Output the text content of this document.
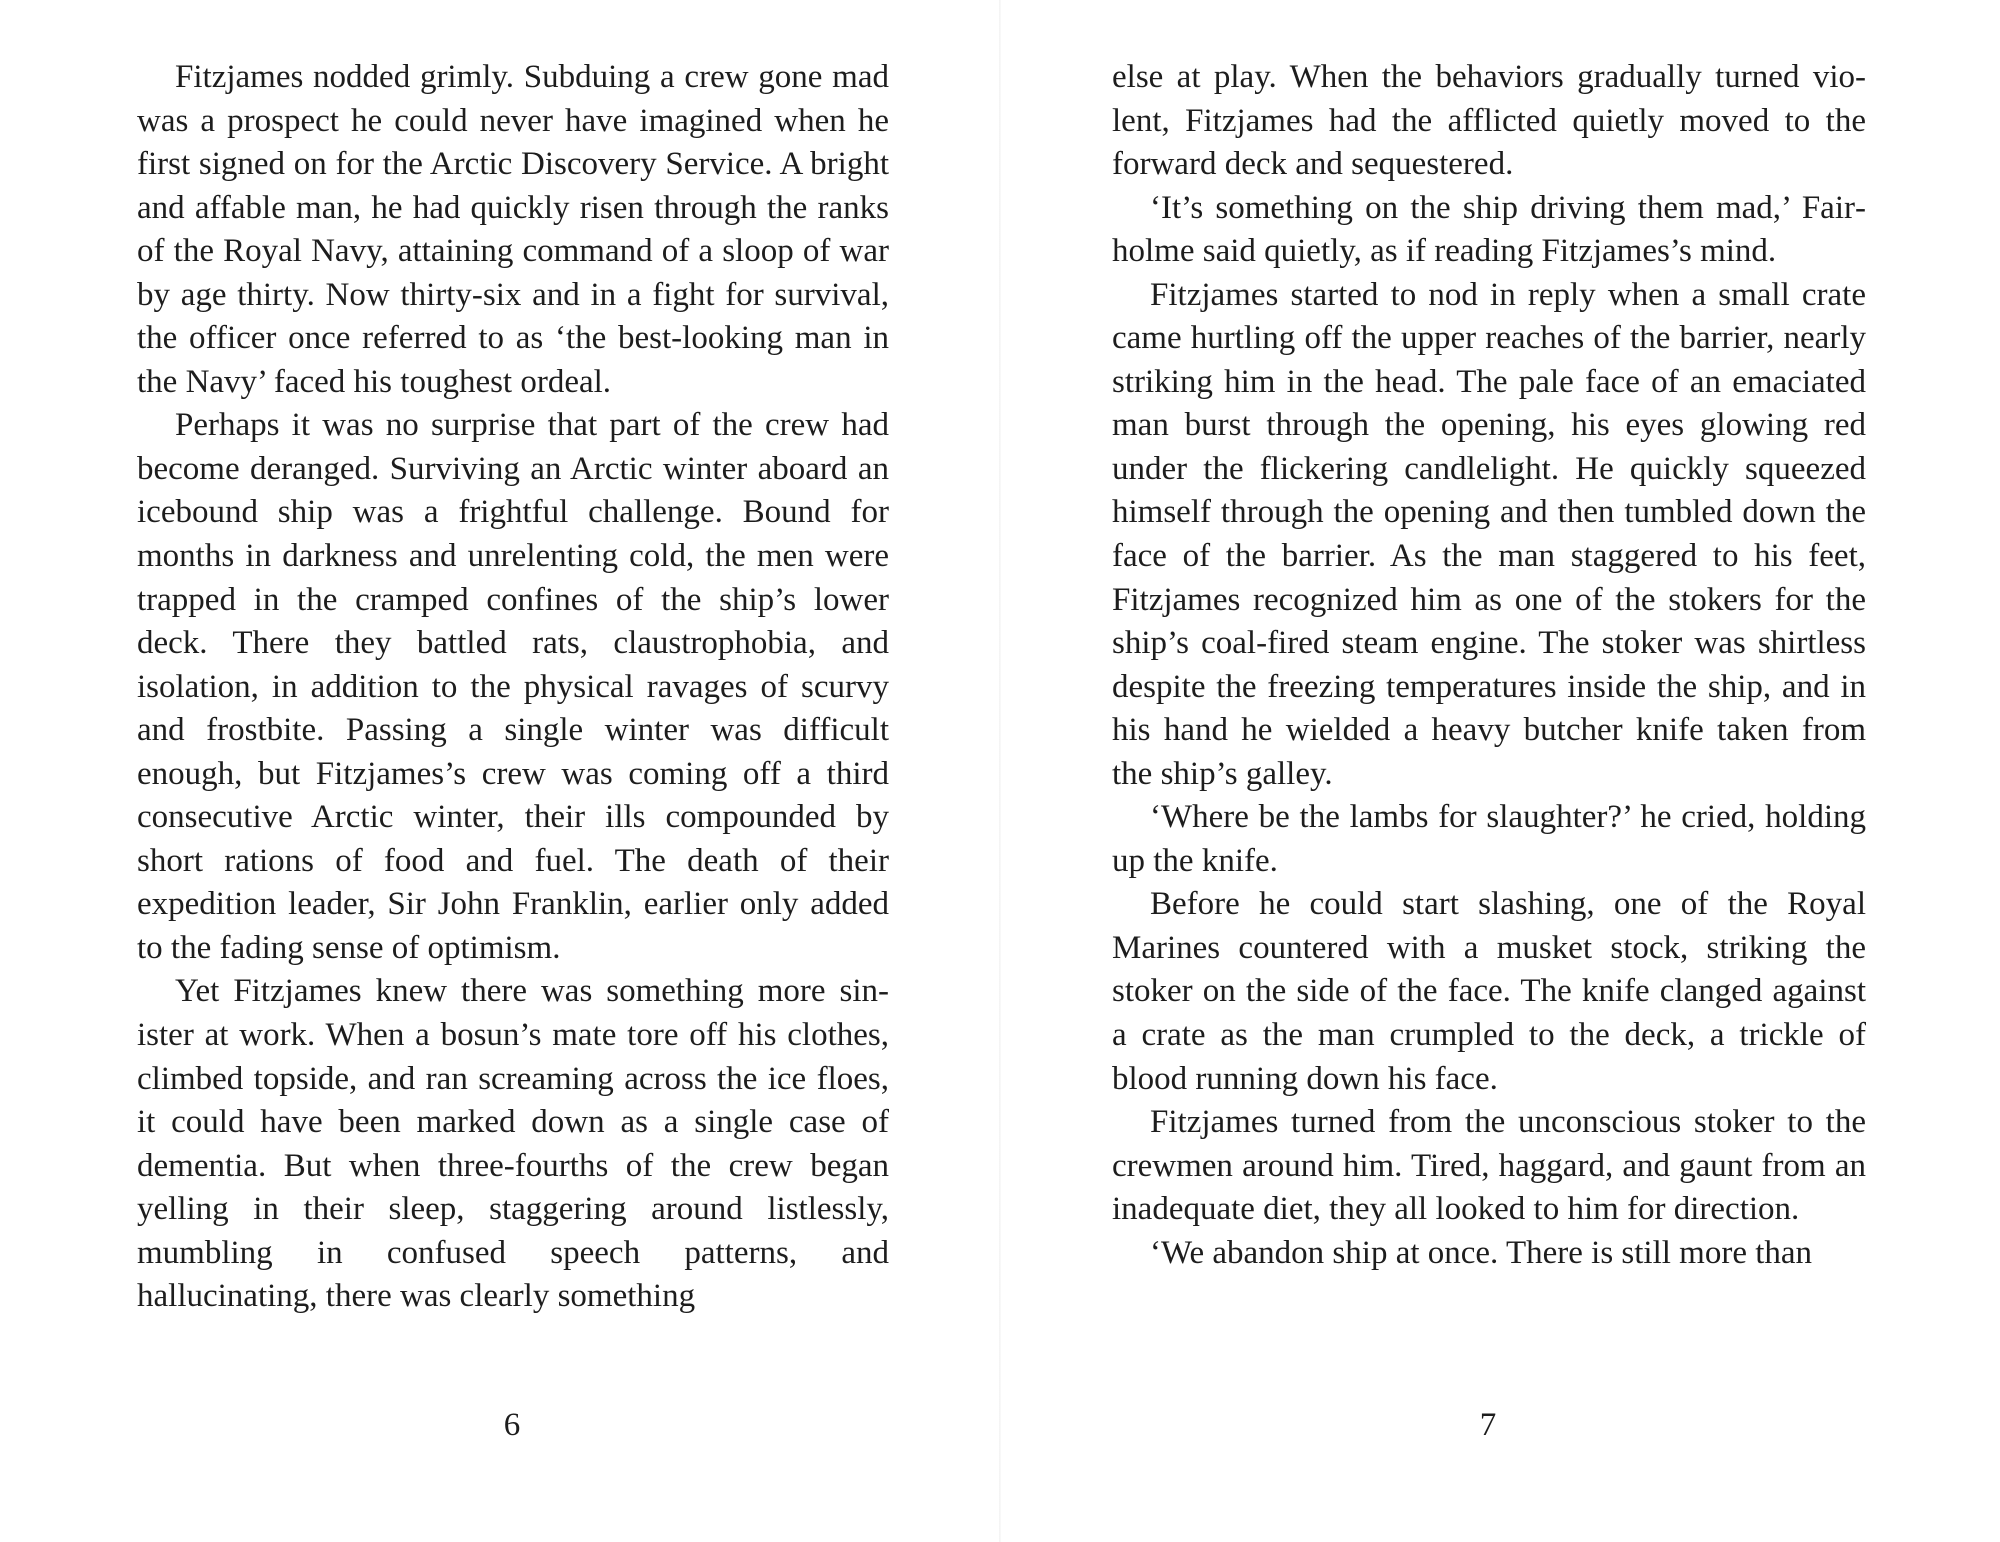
Fitzjames nodded grimly. Subduing a crew gone mad was a prospect he could never have imagined when he first signed on for the Arctic Discovery Service. A bright and affable man, he had quickly risen through the ranks of the Royal Navy, attaining command of a sloop of war by age thirty. Now thirty-six and in a fight for survival, the officer once referred to as ‘the best-looking man in the Navy’ faced his toughest ordeal.

Perhaps it was no surprise that part of the crew had become deranged. Surviving an Arctic winter aboard an icebound ship was a frightful challenge. Bound for months in darkness and unrelenting cold, the men were trapped in the cramped confines of the ship’s lower deck. There they battled rats, claustrophobia, and isolation, in addition to the physical ravages of scurvy and frostbite. Passing a single winter was difficult enough, but Fitzjames’s crew was coming off a third consecutive Arctic winter, their ills compounded by short rations of food and fuel. The death of their expedition leader, Sir John Franklin, earlier only added to the fading sense of optimism.

Yet Fitzjames knew there was something more sinister at work. When a bosun’s mate tore off his clothes, climbed topside, and ran screaming across the ice floes, it could have been marked down as a single case of dementia. But when three-fourths of the crew began yelling in their sleep, staggering around listlessly, mumbling in confused speech patterns, and hallucinating, there was clearly something

6

else at play. When the behaviors gradually turned violent, Fitzjames had the afflicted quietly moved to the forward deck and sequestered.

‘It’s something on the ship driving them mad,’ Fairholme said quietly, as if reading Fitzjames’s mind.

Fitzjames started to nod in reply when a small crate came hurtling off the upper reaches of the barrier, nearly striking him in the head. The pale face of an emaciated man burst through the opening, his eyes glowing red under the flickering candlelight. He quickly squeezed himself through the opening and then tumbled down the face of the barrier. As the man staggered to his feet, Fitzjames recognized him as one of the stokers for the ship’s coal-fired steam engine. The stoker was shirtless despite the freezing temperatures inside the ship, and in his hand he wielded a heavy butcher knife taken from the ship’s galley.

‘Where be the lambs for slaughter?’ he cried, holding up the knife.

Before he could start slashing, one of the Royal Marines countered with a musket stock, striking the stoker on the side of the face. The knife clanged against a crate as the man crumpled to the deck, a trickle of blood running down his face.

Fitzjames turned from the unconscious stoker to the crewmen around him. Tired, haggard, and gaunt from an inadequate diet, they all looked to him for direction.

‘We abandon ship at once. There is still more than

7
